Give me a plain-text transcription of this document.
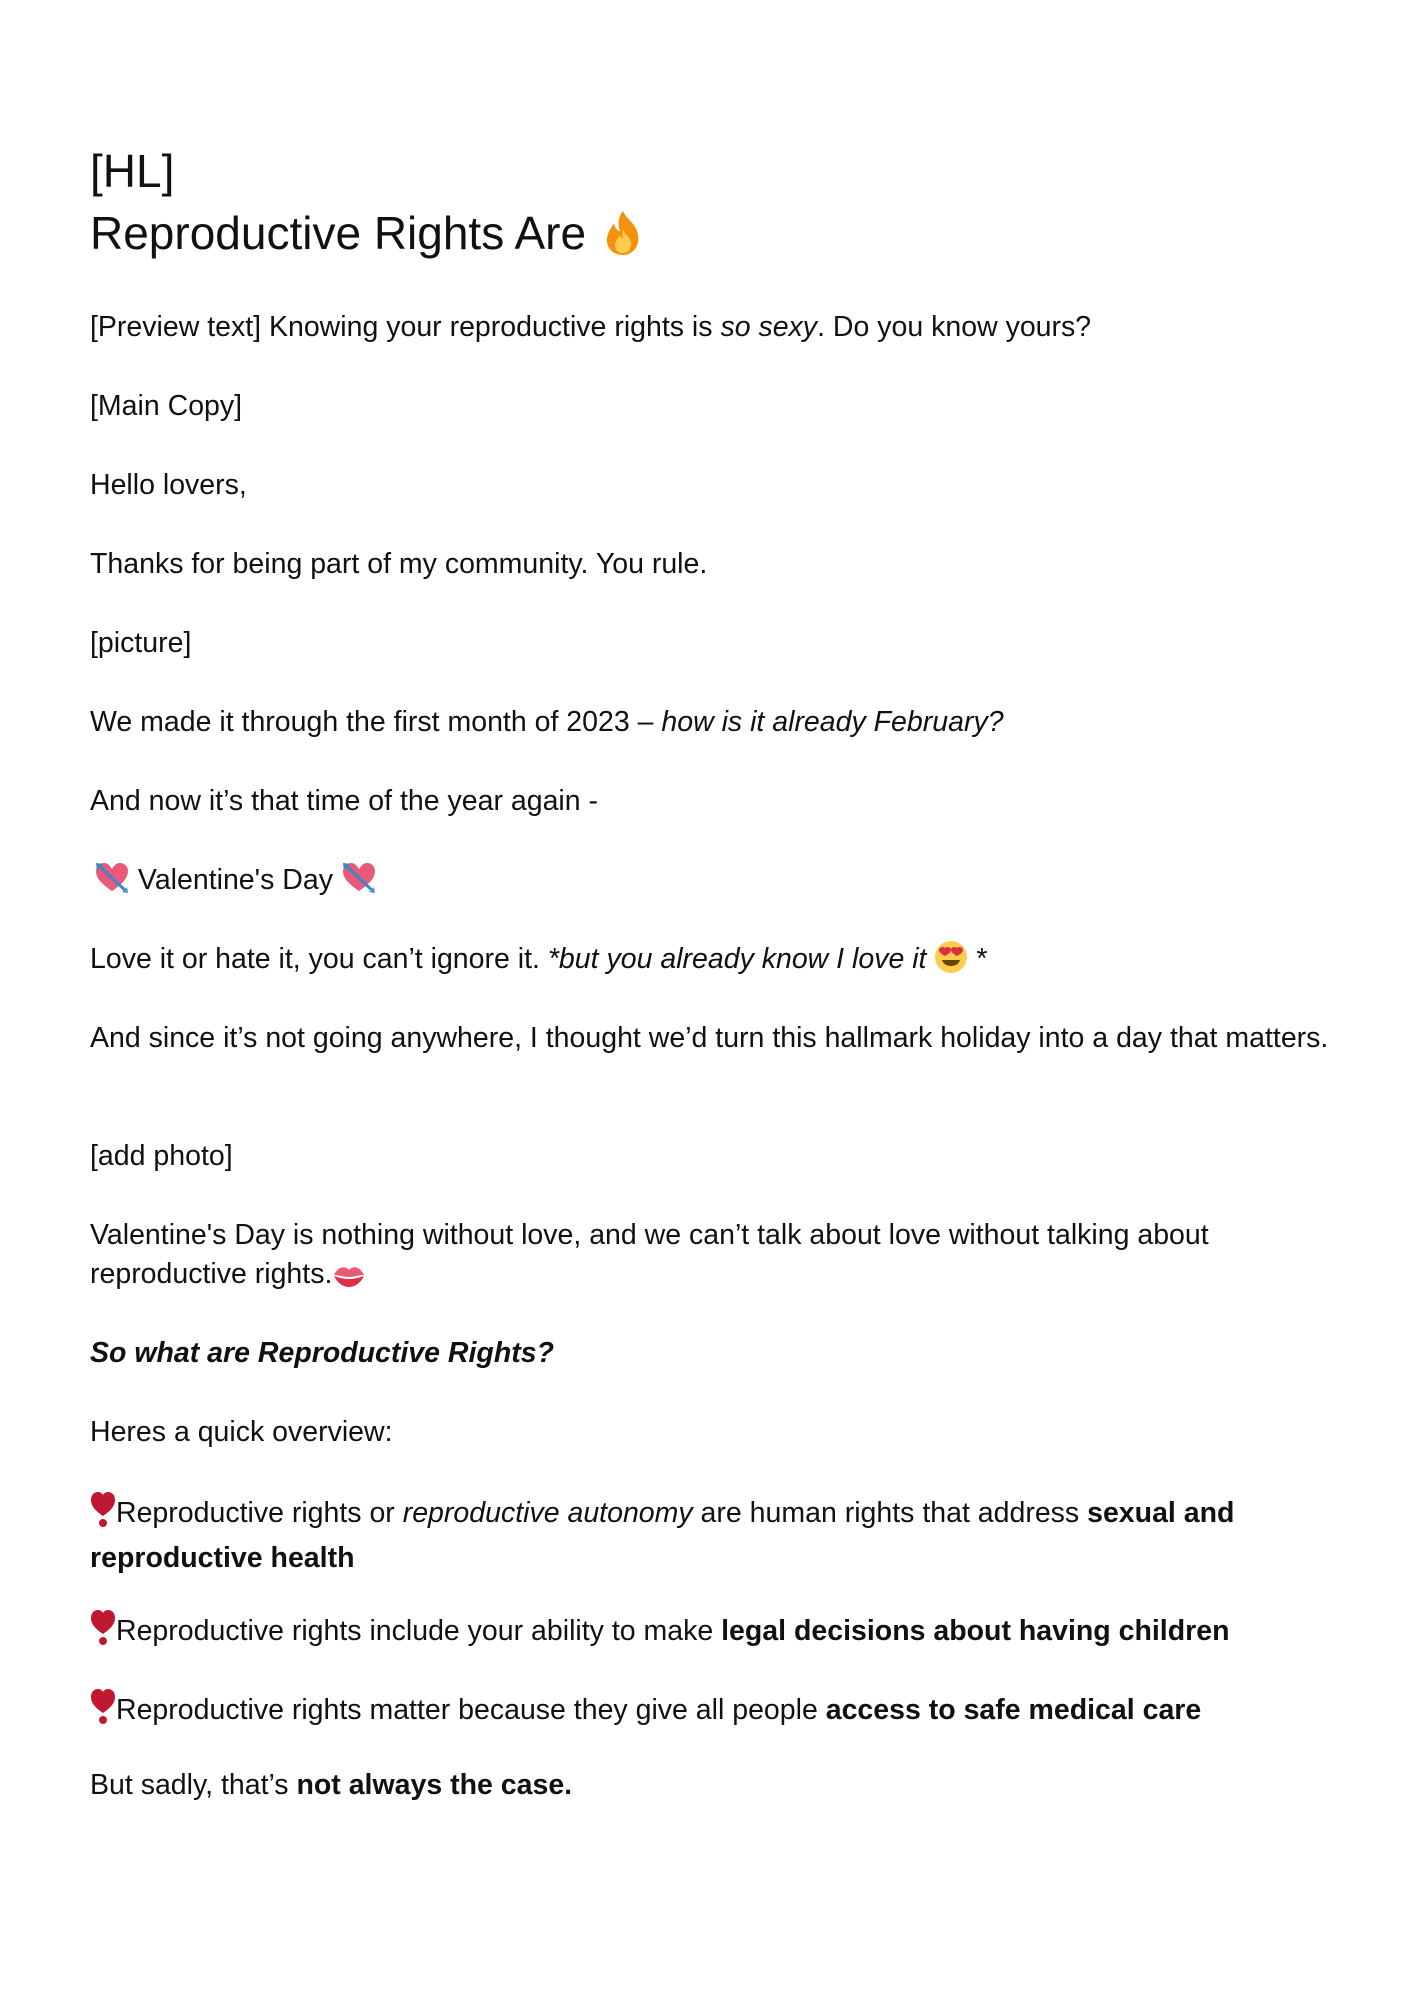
[HL]
Reproductive Rights Are
[Preview text] Knowing your reproductive rights is so sexy. Do you know yours?
[Main Copy]
Hello lovers,
Thanks for being part of my community. You rule.
[picture]
We made it through the first month of 2023 – how is it already February?
And now it’s that time of the year again -
Valentine's Day
Love it or hate it, you can’t ignore it. *but you already know I love it  *
And since it’s not going anywhere, I thought we’d turn this hallmark holiday into a day that matters.
[add photo]
Valentine's Day is nothing without love, and we can’t talk about love without talking about reproductive rights.
So what are Reproductive Rights?
Heres a quick overview:
Reproductive rights or reproductive autonomy are human rights that address sexual and reproductive health
Reproductive rights include your ability to make legal decisions about having children
Reproductive rights matter because they give all people access to safe medical care
But sadly, that’s not always the case.
